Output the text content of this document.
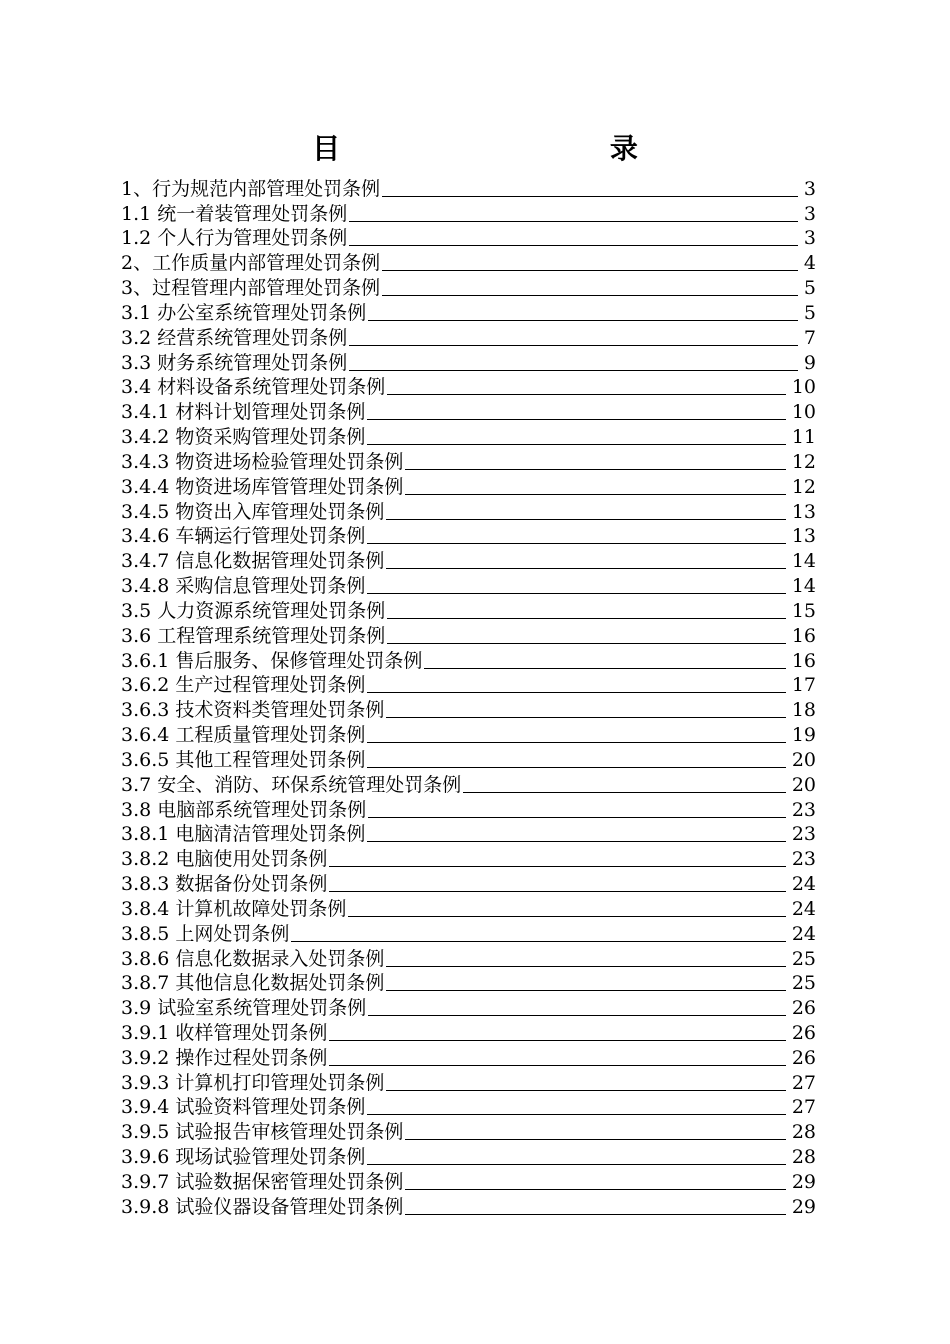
目 录
1、行为规范内部管理处罚条例	3
1.1 统一着装管理处罚条例	3
1.2 个人行为管理处罚条例	3
2、工作质量内部管理处罚条例	4
3、过程管理内部管理处罚条例	5
3.1 办公室系统管理处罚条例	5
3.2 经营系统管理处罚条例	7
3.3 财务系统管理处罚条例	9
3.4 材料设备系统管理处罚条例	10
3.4.1 材料计划管理处罚条例	10
3.4.2 物资采购管理处罚条例	11
3.4.3 物资进场检验管理处罚条例	12
3.4.4 物资进场库管管理处罚条例	12
3.4.5 物资出入库管理处罚条例	13
3.4.6 车辆运行管理处罚条例	13
3.4.7 信息化数据管理处罚条例	14
3.4.8 采购信息管理处罚条例	14
3.5 人力资源系统管理处罚条例	15
3.6 工程管理系统管理处罚条例	16
3.6.1 售后服务、保修管理处罚条例	16
3.6.2 生产过程管理处罚条例	17
3.6.3 技术资料类管理处罚条例	18
3.6.4 工程质量管理处罚条例	19
3.6.5 其他工程管理处罚条例	20
3.7 安全、消防、环保系统管理处罚条例	20
3.8 电脑部系统管理处罚条例	23
3.8.1 电脑清洁管理处罚条例	23
3.8.2 电脑使用处罚条例	23
3.8.3 数据备份处罚条例	24
3.8.4 计算机故障处罚条例	24
3.8.5 上网处罚条例	24
3.8.6 信息化数据录入处罚条例	25
3.8.7 其他信息化数据处罚条例	25
3.9 试验室系统管理处罚条例	26
3.9.1 收样管理处罚条例	26
3.9.2 操作过程处罚条例	26
3.9.3 计算机打印管理处罚条例	27
3.9.4 试验资料管理处罚条例	27
3.9.5 试验报告审核管理处罚条例	28
3.9.6 现场试验管理处罚条例	28
3.9.7 试验数据保密管理处罚条例	29
3.9.8 试验仪器设备管理处罚条例	29
